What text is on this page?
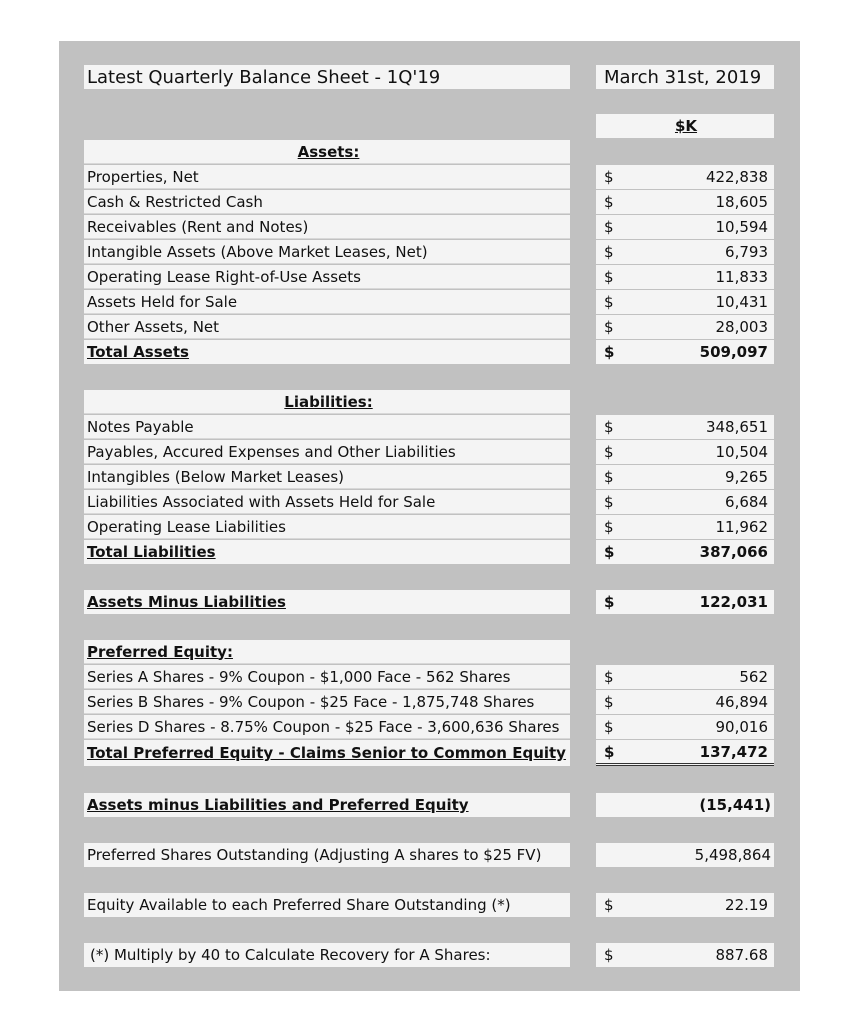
Latest Quarterly Balance Sheet - 1Q'19	March 31st, 2019
$K
Assets:
Properties, Net	$	422,838
Cash & Restricted Cash	$	18,605
Receivables (Rent and Notes)	$	10,594
Intangible Assets (Above Market Leases, Net)	$	6,793
Operating Lease Right-of-Use Assets	$	11,833
Assets Held for Sale	$	10,431
Other Assets, Net	$	28,003
Total Assets	$	509,097
Liabilities:
Notes Payable	$	348,651
Payables, Accured Expenses and Other Liabilities	$	10,504
Intangibles (Below Market Leases)	$	9,265
Liabilities Associated with Assets Held for Sale	$	6,684
Operating Lease Liabilities	$	11,962
Total Liabilities	$	387,066
Assets Minus Liabilities	$	122,031
Preferred Equity:
Series A Shares - 9% Coupon - $1,000 Face - 562 Shares	$	562
Series B Shares - 9% Coupon - $25 Face - 1,875,748 Shares	$	46,894
Series D Shares - 8.75% Coupon - $25 Face - 3,600,636 Shares	$	90,016
Total Preferred Equity - Claims Senior to Common Equity	$	137,472
Assets minus Liabilities and Preferred Equity	(15,441)
Preferred Shares Outstanding (Adjusting A shares to $25 FV)	5,498,864
Equity Available to each Preferred Share Outstanding (*)	$	22.19
(*) Multiply by 40 to Calculate Recovery for A Shares:	$	887.68
